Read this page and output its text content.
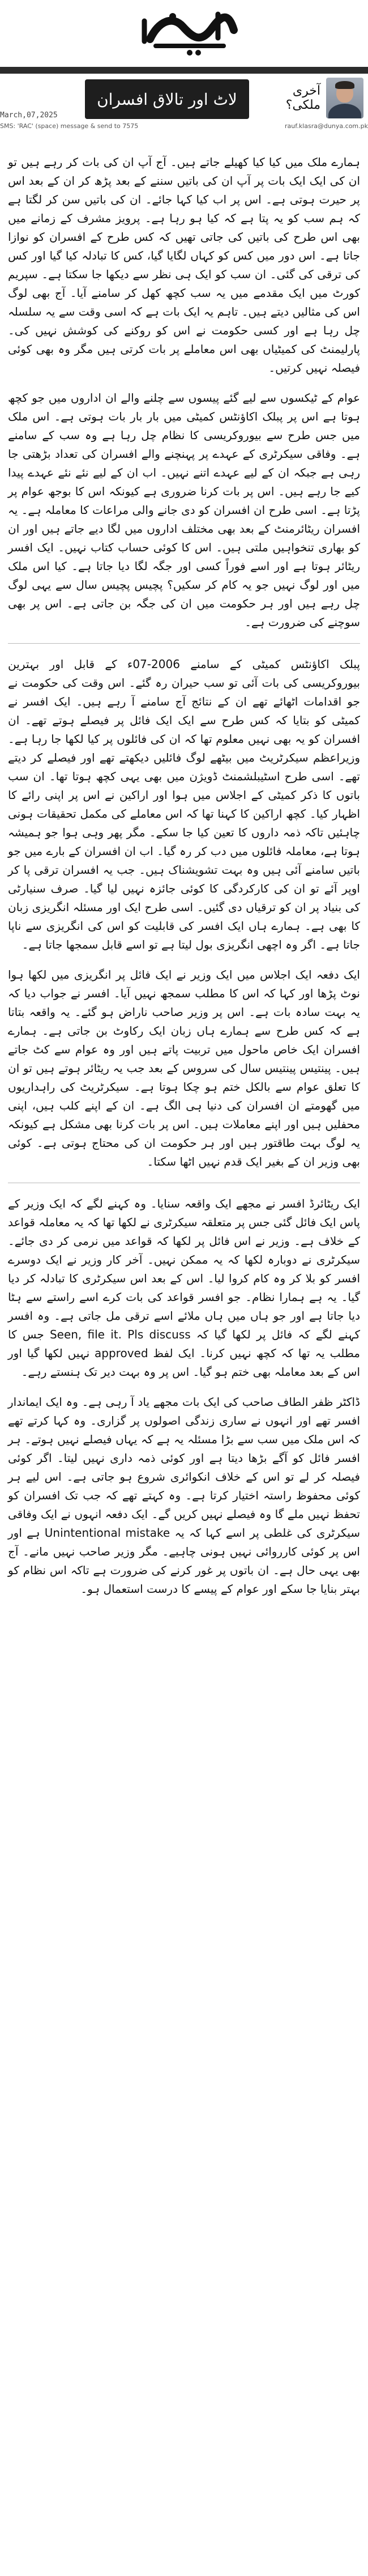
آخری ملکی؟
لاٹ اور تالاق افسران
March,07,2025
SMS: 'RAC' (space) message & send to 7575	rauf.klasra@dunya.com.pk

ہمارے ملک میں کیا کیا کھیلے جاتے ہیں۔ آج آپ ان کی بات کر رہے ہیں تو ان کی ایک ایک بات پر آپ ان کی باتیں سننے کے بعد پڑھ کر ان کے بعد اس پر حیرت ہوتی ہے۔ اس پر اب کیا کہا جائے۔ ان کی باتیں سن کر لگتا ہے کہ ہم سب کو یہ پتا ہے کہ کیا ہو رہا ہے۔ پرویز مشرف کے زمانے میں بھی اس طرح کی باتیں کی جاتی تھیں کہ کس طرح کے افسران کو نوازا جاتا ہے۔ اس دور میں کس کو کہاں لگایا گیا، کس کا تبادلہ کیا گیا اور کس کی ترقی کی گئی۔ ان سب کو ایک ہی نظر سے دیکھا جا سکتا ہے۔ سپریم کورٹ میں ایک مقدمے میں یہ سب کچھ کھل کر سامنے آیا۔ آج بھی لوگ اس کی مثالیں دیتے ہیں۔ تاہم یہ ایک بات ہے کہ اسی وقت سے یہ سلسلہ چل رہا ہے اور کسی حکومت نے اس کو روکنے کی کوشش نہیں کی۔ پارلیمنٹ کی کمیٹیاں بھی اس معاملے پر بات کرتی ہیں مگر وہ بھی کوئی فیصلہ نہیں کرتیں۔

عوام کے ٹیکسوں سے لیے گئے پیسوں سے چلنے والے ان اداروں میں جو کچھ ہوتا ہے اس پر پبلک اکاؤنٹس کمیٹی میں بار بار بات ہوتی ہے۔ اس ملک میں جس طرح سے بیوروکریسی کا نظام چل رہا ہے وہ سب کے سامنے ہے۔ وفاقی سیکرٹری کے عہدے پر پہنچنے والے افسران کی تعداد بڑھتی جا رہی ہے جبکہ ان کے لیے عہدے اتنے نہیں۔ اب ان کے لیے نئے نئے عہدے پیدا کیے جا رہے ہیں۔ اس پر بات کرنا ضروری ہے کیونکہ اس کا بوجھ عوام پر پڑتا ہے۔ اسی طرح ان افسران کو دی جانے والی مراعات کا معاملہ ہے۔ یہ افسران ریٹائرمنٹ کے بعد بھی مختلف اداروں میں لگا دیے جاتے ہیں اور ان کو بھاری تنخواہیں ملتی ہیں۔ اس کا کوئی حساب کتاب نہیں۔ ایک افسر ریٹائر ہوتا ہے اور اسے فوراً کسی اور جگہ لگا دیا جاتا ہے۔ کیا اس ملک میں اور لوگ نہیں جو یہ کام کر سکیں؟ پچیس پچیس سال سے یہی لوگ چل رہے ہیں اور ہر حکومت میں ان کی جگہ بن جاتی ہے۔ اس پر بھی سوچنے کی ضرورت ہے۔

پبلک اکاؤنٹس کمیٹی کے سامنے 2006-07ء کے قابل اور بہترین بیوروکریسی کی بات آئی تو سب حیران رہ گئے۔ اس وقت کی حکومت نے جو اقدامات اٹھائے تھے ان کے نتائج آج سامنے آ رہے ہیں۔ ایک افسر نے کمیٹی کو بتایا کہ کس طرح سے ایک ایک فائل پر فیصلے ہوتے تھے۔ ان افسران کو یہ بھی نہیں معلوم تھا کہ ان کی فائلوں پر کیا لکھا جا رہا ہے۔ وزیراعظم سیکرٹریٹ میں بیٹھے لوگ فائلیں دیکھتے تھے اور فیصلے کر دیتے تھے۔ اسی طرح اسٹیبلشمنٹ ڈویژن میں بھی یہی کچھ ہوتا تھا۔ ان سب باتوں کا ذکر کمیٹی کے اجلاس میں ہوا اور اراکین نے اس پر اپنی رائے کا اظہار کیا۔ کچھ اراکین کا کہنا تھا کہ اس معاملے کی مکمل تحقیقات ہونی چاہئیں تاکہ ذمہ داروں کا تعین کیا جا سکے۔ مگر پھر وہی ہوا جو ہمیشہ ہوتا ہے، معاملہ فائلوں میں دب کر رہ گیا۔ اب ان افسران کے بارے میں جو باتیں سامنے آئی ہیں وہ بہت تشویشناک ہیں۔ جب یہ افسران ترقی پا کر اوپر آئے تو ان کی کارکردگی کا کوئی جائزہ نہیں لیا گیا۔ صرف سنیارٹی کی بنیاد پر ان کو ترقیاں دی گئیں۔ اسی طرح ایک اور مسئلہ انگریزی زبان کا بھی ہے۔ ہمارے ہاں ایک افسر کی قابلیت کو اس کی انگریزی سے ناپا جاتا ہے۔ اگر وہ اچھی انگریزی بول لیتا ہے تو اسے قابل سمجھا جاتا ہے۔

ایک دفعہ ایک اجلاس میں ایک وزیر نے ایک فائل پر انگریزی میں لکھا ہوا نوٹ پڑھا اور کہا کہ اس کا مطلب سمجھ نہیں آیا۔ افسر نے جواب دیا کہ یہ بہت سادہ بات ہے۔ اس پر وزیر صاحب ناراض ہو گئے۔ یہ واقعہ بتاتا ہے کہ کس طرح سے ہمارے ہاں زبان ایک رکاوٹ بن جاتی ہے۔ ہمارے افسران ایک خاص ماحول میں تربیت پاتے ہیں اور وہ عوام سے کٹ جاتے ہیں۔ پینتیس پینتیس سال کی سروس کے بعد جب یہ ریٹائر ہوتے ہیں تو ان کا تعلق عوام سے بالکل ختم ہو چکا ہوتا ہے۔ سیکرٹریٹ کی راہداریوں میں گھومتے ان افسران کی دنیا ہی الگ ہے۔ ان کے اپنے کلب ہیں، اپنی محفلیں ہیں اور اپنے معاملات ہیں۔ اس پر بات کرنا بھی مشکل ہے کیونکہ یہ لوگ بہت طاقتور ہیں اور ہر حکومت ان کی محتاج ہوتی ہے۔ کوئی بھی وزیر ان کے بغیر ایک قدم نہیں اٹھا سکتا۔

ایک ریٹائرڈ افسر نے مجھے ایک واقعہ سنایا۔ وہ کہنے لگے کہ ایک وزیر کے پاس ایک فائل گئی جس پر متعلقہ سیکرٹری نے لکھا تھا کہ یہ معاملہ قواعد کے خلاف ہے۔ وزیر نے اس فائل پر لکھا کہ قواعد میں نرمی کر دی جائے۔ سیکرٹری نے دوبارہ لکھا کہ یہ ممکن نہیں۔ آخر کار وزیر نے ایک دوسرے افسر کو بلا کر وہ کام کروا لیا۔ اس کے بعد اس سیکرٹری کا تبادلہ کر دیا گیا۔ یہ ہے ہمارا نظام۔ جو افسر قواعد کی بات کرے اسے راستے سے ہٹا دیا جاتا ہے اور جو ہاں میں ہاں ملائے اسے ترقی مل جاتی ہے۔ وہ افسر کہنے لگے کہ فائل پر لکھا گیا کہ Seen, file it. Pls discuss جس کا مطلب یہ تھا کہ کچھ نہیں کرنا۔ ایک لفظ approved نہیں لکھا گیا اور اس کے بعد معاملہ بھی ختم ہو گیا۔ اس پر وہ بہت دیر تک ہنستے رہے۔

ڈاکٹر ظفر الطاف صاحب کی ایک بات مجھے یاد آ رہی ہے۔ وہ ایک ایماندار افسر تھے اور انہوں نے ساری زندگی اصولوں پر گزاری۔ وہ کہا کرتے تھے کہ اس ملک میں سب سے بڑا مسئلہ یہ ہے کہ یہاں فیصلے نہیں ہوتے۔ ہر افسر فائل کو آگے بڑھا دیتا ہے اور کوئی ذمہ داری نہیں لیتا۔ اگر کوئی فیصلہ کر لے تو اس کے خلاف انکوائری شروع ہو جاتی ہے۔ اس لیے ہر کوئی محفوظ راستہ اختیار کرتا ہے۔ وہ کہتے تھے کہ جب تک افسران کو تحفظ نہیں ملے گا وہ فیصلے نہیں کریں گے۔ ایک دفعہ انہوں نے ایک وفاقی سیکرٹری کی غلطی پر اسے کہا کہ یہ Unintentional mistake ہے اور اس پر کوئی کارروائی نہیں ہونی چاہیے۔ مگر وزیر صاحب نہیں مانے۔ آج بھی یہی حال ہے۔ ان باتوں پر غور کرنے کی ضرورت ہے تاکہ اس نظام کو بہتر بنایا جا سکے اور عوام کے پیسے کا درست استعمال ہو۔
